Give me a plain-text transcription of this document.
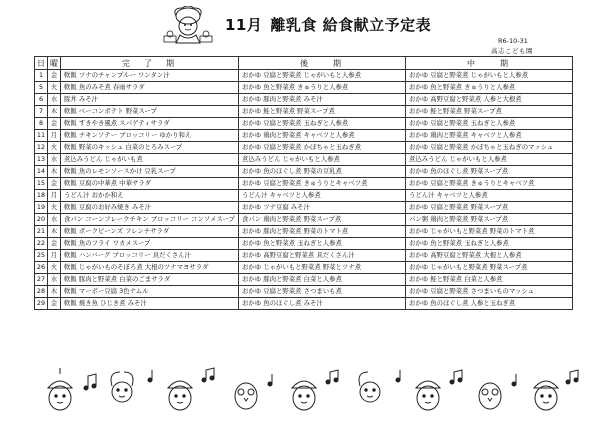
11月 離乳食 給食献立予定表
R6-10-31
高志こども園
日	曜	完　了　期	後　　期	中　　期
1	金	軟飯 ツナのチャンプルー ワンタン汁	おかゆ 豆腐と野菜煮 じゃがいもと人参煮	おかゆ 豆腐と野菜煮 じゃがいもと人参煮
5	火	軟飯 魚のみそ煮 春雨サラダ	おかゆ 魚と野菜煮 きゅうりと人参煮	おかゆ 魚と野菜煮 きゅうりと人参煮
6	水	豚丼 みそ汁	おかゆ 豚肉と野菜煮 みそ汁	おかゆ 高野豆腐と野菜煮 人参と大根煮
7	木	軟飯 ベーコンポテト 野菜スープ	おかゆ 鮭と野菜煮 野菜スープ煮	おかゆ 鮭と野菜煮 野菜スープ煮
8	金	軟飯 すきやき風煮 スパゲティサラダ	おかゆ 豆腐と野菜煮 玉ねぎと人参煮	おかゆ 豆腐と野菜煮 玉ねぎと人参煮
11	月	軟飯 チキンソテー ブロッコリー ゆかり和え	おかゆ 鶏肉と野菜煮 キャベツと人参煮	おかゆ 鶏肉と野菜煮 キャベツと人参煮
12	火	軟飯 野菜のキッシュ 白菜のとろみスープ	おかゆ 豆腐と野菜煮 かぼちゃと玉ねぎ煮	おかゆ 豆腐と野菜煮 かぼちゃと玉ねぎのマッシュ
13	水	煮込みうどん じゃがいも煮	煮込みうどん じゃがいもと人参煮	煮込みうどん じゃがいもと人参煮
14	木	軟飯 魚のレモンソースかけ 豆乳スープ	おかゆ 魚のほぐし煮 野菜の豆乳煮	おかゆ 魚のほぐし煮 野菜スープ煮
15	金	軟飯 豆腐の中華煮 中華サラダ	おかゆ 豆腐と野菜煮 きゅうりとキャベツ煮	おかゆ 豆腐と野菜煮 きゅうりとキャベツ煮
18	月	うどん汁 おかか和え	うどん汁 キャベツと人参煮	うどん汁 キャベツと人参煮
19	火	軟飯 豆腐のお好み焼き みそ汁	おかゆ ツナ豆腐 みそ汁	おかゆ 豆腐と野菜煮 野菜スープ煮
20	水	食パン コーンフレークチキン ブロッコリー コンソメスープ	食パン 鶏肉と野菜煮 野菜スープ煮	パン粥 鶏肉と野菜煮 野菜スープ煮
21	木	軟飯 ポークビーンズ フレンチサラダ	おかゆ 豚肉と野菜煮 野菜のトマト煮	おかゆ じゃがいもと野菜煮 野菜のトマト煮
22	金	軟飯 魚のフライ ワカメスープ	おかゆ 魚と野菜煮 玉ねぎと人参煮	おかゆ 魚と野菜煮 玉ねぎと人参煮
25	月	軟飯 ハンバーグ ブロッコリー 具だくさん汁	おかゆ 高野豆腐と野菜煮 具だくさん汁	おかゆ 高野豆腐と野菜煮 大根と人参煮
26	火	軟飯 じゃがいものそぼろ煮 大根のツナマヨサラダ	おかゆ じゃがいもと野菜煮 野菜とツナ煮	おかゆ じゃがいもと野菜煮 野菜スープ煮
27	水	軟飯 豚肉と野菜煮 白菜のごまサラダ	おかゆ 豚肉と野菜煮 白菜と人参煮	おかゆ 鮭と野菜煮 白菜と人参煮
28	木	軟飯 マーボー豆腐 3色ナムル	おかゆ 豆腐と野菜煮 さつまいも煮	おかゆ 豆腐と野菜煮 さつまいものマッシュ
29	金	軟飯 焼き魚 ひじき煮 みそ汁	おかゆ 魚のほぐし煮 みそ汁	おかゆ 魚のほぐし煮 人参と玉ねぎ煮
